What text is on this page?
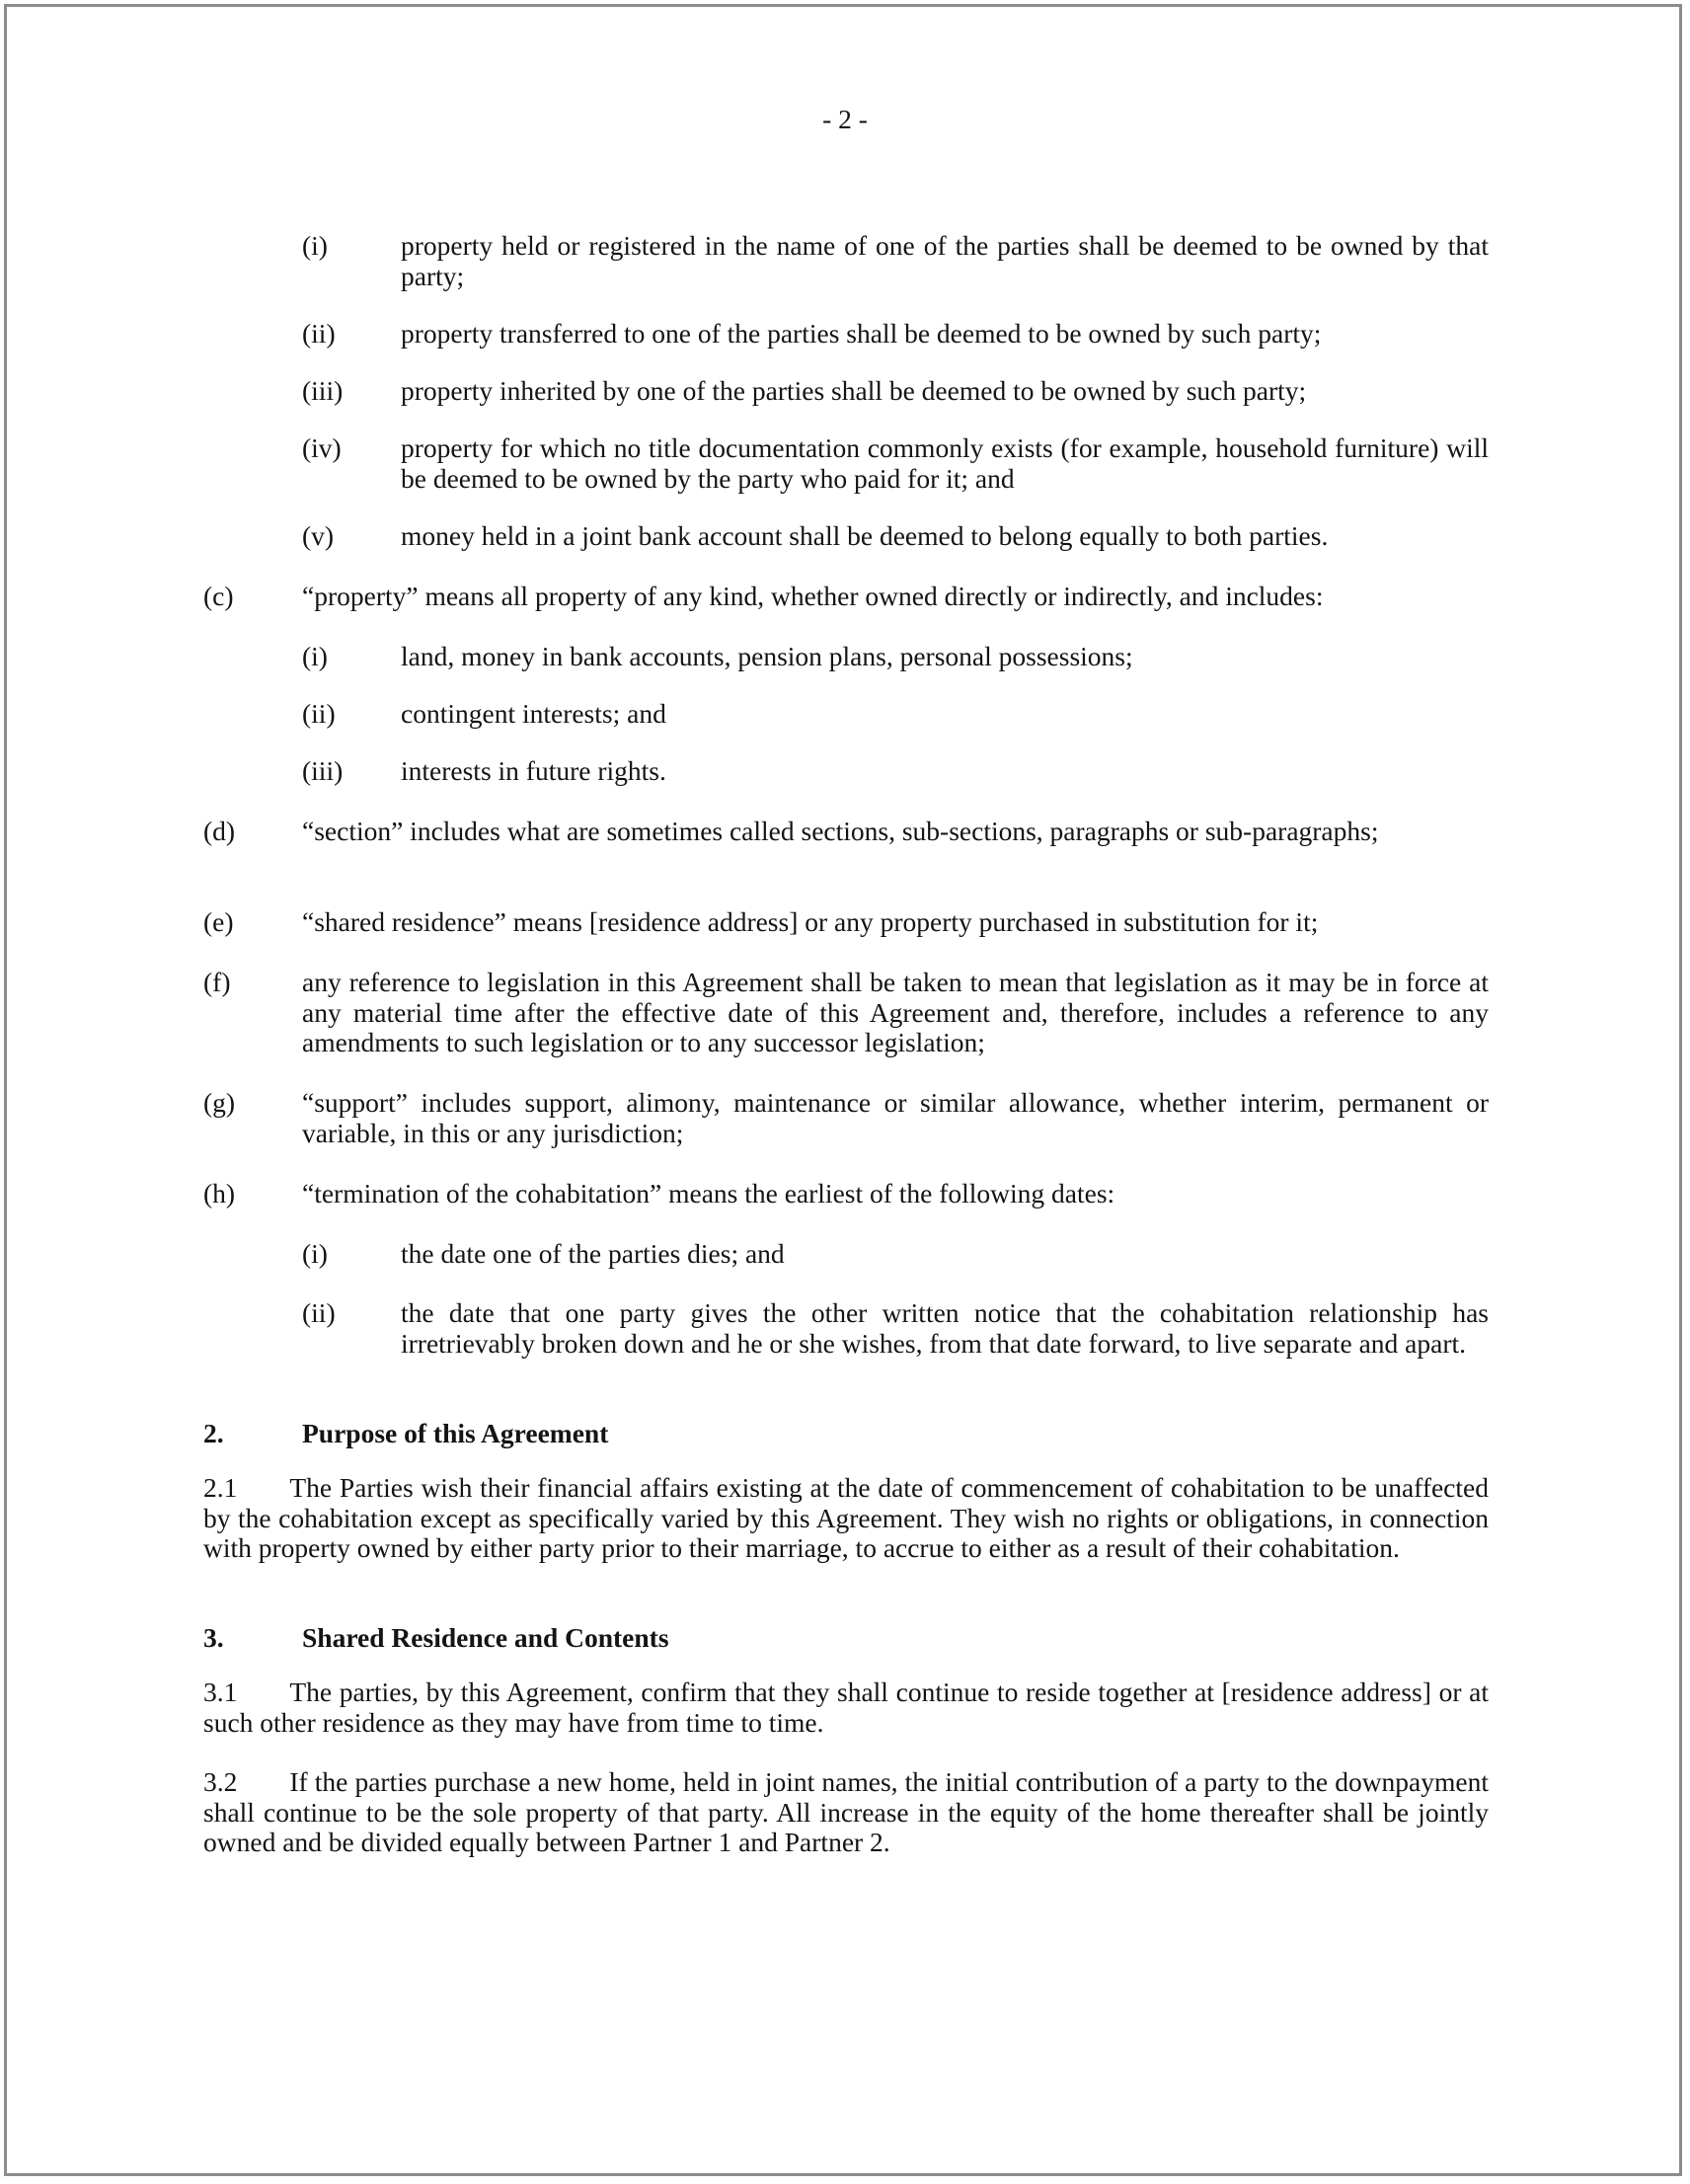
- 2 -
(i)	property held or registered in the name of one of the parties shall be deemed to be owned by that party;
(ii) property transferred to one of the parties shall be deemed to be owned by such party;
(iii) property inherited by one of the parties shall be deemed to be owned by such party;
(iv) property for which no title documentation commonly exists (for example, household furniture) will be deemed to be owned by the party who paid for it; and
(v) money held in a joint bank account shall be deemed to belong equally to both parties.
(c)	“property” means all property of any kind, whether owned directly or indirectly, and includes:
(i)	land, money in bank accounts, pension plans, personal possessions;
(ii) contingent interests; and
(iii) interests in future rights.
(d) “section” includes what are sometimes called sections, sub-sections, paragraphs or sub-paragraphs;
(e)	“shared residence” means [residence address] or any property purchased in substitution for it;
(f)	any reference to legislation in this Agreement shall be taken to mean that legislation as it may be in force at any material time after the effective date of this Agreement and, therefore, includes a reference to any amendments to such legislation or to any successor legislation;
(g) “support” includes support, alimony, maintenance or similar allowance, whether interim, permanent or variable, in this or any jurisdiction;
(h) “termination of the cohabitation” means the earliest of the following dates:
(i)	the date one of the parties dies; and
(ii) the date that one party gives the other written notice that the cohabitation relationship has irretrievably broken down and he or she wishes, from that date forward, to live separate and apart.
2.	Purpose of this Agreement
2.1 The Parties wish their financial affairs existing at the date of commencement of cohabitation to be unaffected by the cohabitation except as specifically varied by this Agreement. They wish no rights or obligations, in connection with property owned by either party prior to their marriage, to accrue to either as a result of their cohabitation.
3.	Shared Residence and Contents
3.1 The parties, by this Agreement, confirm that they shall continue to reside together at [residence address] or at such other residence as they may have from time to time.
3.2 If the parties purchase a new home, held in joint names, the initial contribution of a party to the downpayment shall continue to be the sole property of that party. All increase in the equity of the home thereafter shall be jointly owned and be divided equally between Partner 1 and Partner 2.
